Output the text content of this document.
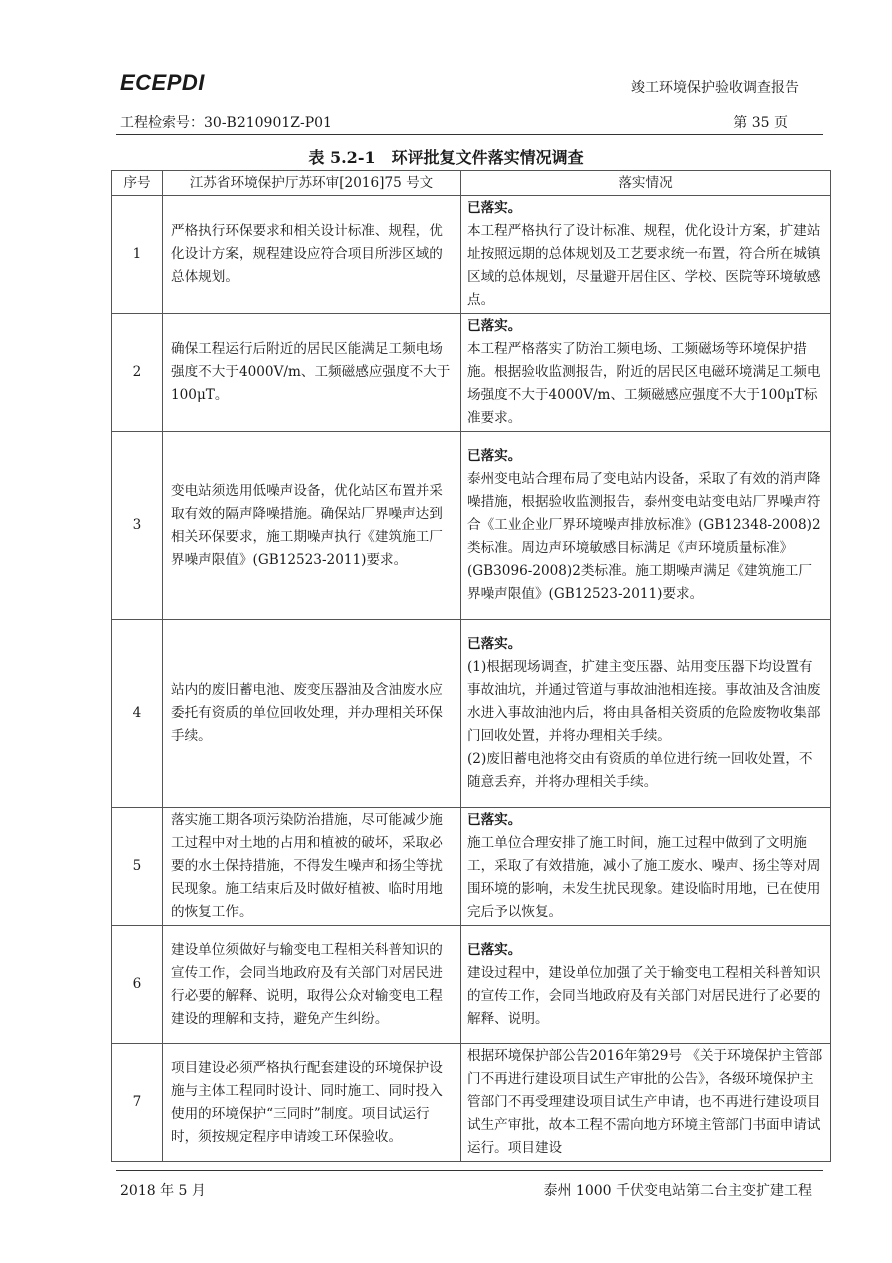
ECEPDI	竣工环境保护验收调查报告
工程检索号：30-B210901Z-P01	第 35 页
表 5.2-1　环评批复文件落实情况调查
序号	江苏省环境保护厅苏环审[2016]75 号文	落实情况
1	严格执行环保要求和相关设计标准、规程，优化设计方案，规程建设应符合项目所涉区域的总体规划。	已落实。
本工程严格执行了设计标准、规程，优化设计方案，扩建站址按照远期的总体规划及工艺要求统一布置，符合所在城镇区域的总体规划，尽量避开居住区、学校、医院等环境敏感点。

2	确保工程运行后附近的居民区能满足工频电场强度不大于4000V/m、工频磁感应强度不大于100μT。	已落实。
本工程严格落实了防治工频电场、工频磁场等环境保护措施。根据验收监测报告，附近的居民区电磁环境满足工频电场强度不大于4000V/m、工频磁感应强度不大于100μT标准要求。

3	变电站须选用低噪声设备，优化站区布置并采取有效的隔声降噪措施。确保站厂界噪声达到相关环保要求，施工期噪声执行《建筑施工厂界噪声限值》(GB12523-2011)要求。	已落实。
泰州变电站合理布局了变电站内设备，采取了有效的消声降噪措施，根据验收监测报告，泰州变电站变电站厂界噪声符合《工业企业厂界环境噪声排放标准》(GB12348-2008)2类标准。周边声环境敏感目标满足《声环境质量标准》(GB3096-2008)2类标准。施工期噪声满足《建筑施工厂界噪声限值》(GB12523-2011)要求。

4	站内的废旧蓄电池、废变压器油及含油废水应委托有资质的单位回收处理，并办理相关环保手续。	已落实。
(1)根据现场调查，扩建主变压器、站用变压器下均设置有事故油坑，并通过管道与事故油池相连接。事故油及含油废水进入事故油池内后，将由具备相关资质的危险废物收集部门回收处置，并将办理相关手续。
(2)废旧蓄电池将交由有资质的单位进行统一回收处置，不随意丢弃，并将办理相关手续。

5	落实施工期各项污染防治措施，尽可能减少施工过程中对土地的占用和植被的破坏，采取必要的水土保持措施，不得发生噪声和扬尘等扰民现象。施工结束后及时做好植被、临时用地的恢复工作。	已落实。
施工单位合理安排了施工时间，施工过程中做到了文明施工，采取了有效措施，减小了施工废水、噪声、扬尘等对周围环境的影响，未发生扰民现象。建设临时用地，已在使用完后予以恢复。

6	建设单位须做好与输变电工程相关科普知识的宣传工作，会同当地政府及有关部门对居民进行必要的解释、说明，取得公众对输变电工程建设的理解和支持，避免产生纠纷。	已落实。
建设过程中，建设单位加强了关于输变电工程相关科普知识的宣传工作，会同当地政府及有关部门对居民进行了必要的解释、说明。

7	项目建设必须严格执行配套建设的环境保护设施与主体工程同时设计、同时施工、同时投入使用的环境保护“三同时”制度。项目试运行时，须按规定程序申请竣工环保验收。	根据环境保护部公告2016年第29号 《关于环境保护主管部门不再进行建设项目试生产审批的公告》，各级环境保护主管部门不再受理建设项目试生产申请，也不再进行建设项目试生产审批，故本工程不需向地方环境主管部门书面申请试运行。项目建设
2018 年 5 月	泰州 1000 千伏变电站第二台主变扩建工程
